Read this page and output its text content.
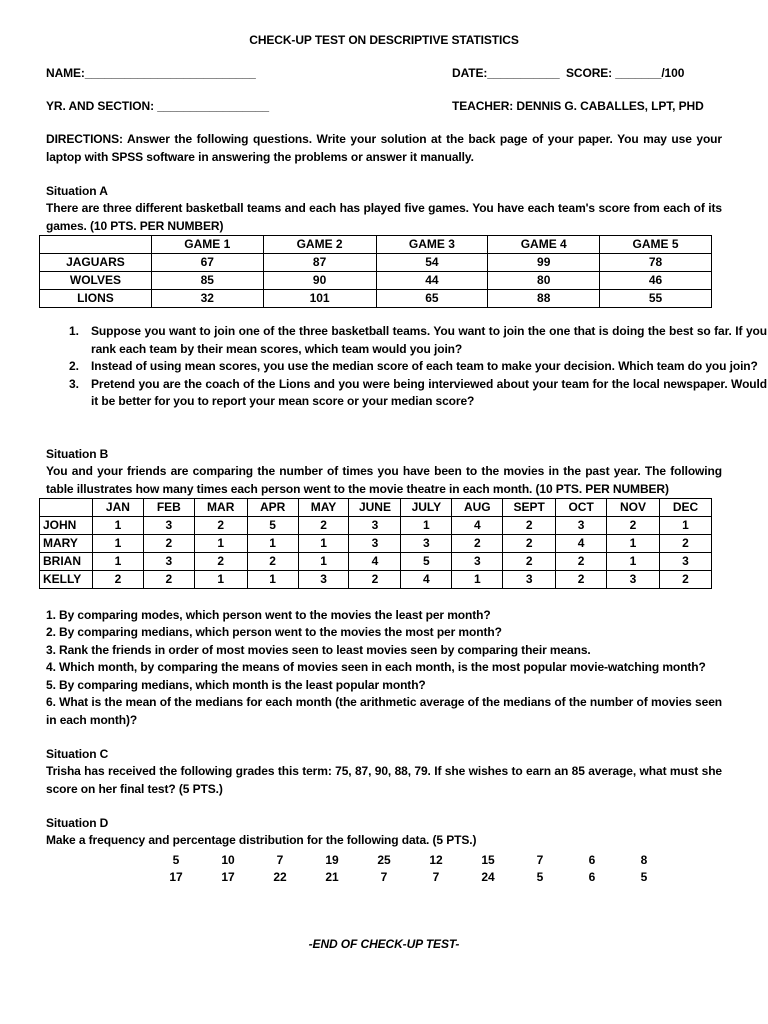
CHECK-UP TEST ON DESCRIPTIVE STATISTICS
NAME:__________________________	DATE:___________ SCORE: _______/100
YR. AND SECTION: _________________	TEACHER: DENNIS G. CABALLES, LPT, PHD
DIRECTIONS: Answer the following questions. Write your solution at the back page of your paper. You may use your laptop with SPSS software in answering the problems or answer it manually.
Situation A
There are three different basketball teams and each has played five games. You have each team's score from each of its games. (10 PTS. PER NUMBER)
	GAME 1	GAME 2	GAME 3	GAME 4	GAME 5
JAGUARS	67	87	54	99	78
WOLVES	85	90	44	80	46
LIONS	32	101	65	88	55
1. Suppose you want to join one of the three basketball teams. You want to join the one that is doing the best so far. If you rank each team by their mean scores, which team would you join?
2. Instead of using mean scores, you use the median score of each team to make your decision. Which team do you join?
3. Pretend you are the coach of the Lions and you were being interviewed about your team for the local newspaper. Would it be better for you to report your mean score or your median score?
Situation B
You and your friends are comparing the number of times you have been to the movies in the past year. The following table illustrates how many times each person went to the movie theatre in each month. (10 PTS. PER NUMBER)
	JAN	FEB	MAR	APR	MAY	JUNE	JULY	AUG	SEPT	OCT	NOV	DEC
JOHN	1	3	2	5	2	3	1	4	2	3	2	1
MARY	1	2	1	1	1	3	3	2	2	4	1	2
BRIAN	1	3	2	2	1	4	5	3	2	2	1	3
KELLY	2	2	1	1	3	2	4	1	3	2	3	2
1. By comparing modes, which person went to the movies the least per month?
2. By comparing medians, which person went to the movies the most per month?
3. Rank the friends in order of most movies seen to least movies seen by comparing their means.
4. Which month, by comparing the means of movies seen in each month, is the most popular movie-watching month?
5. By comparing medians, which month is the least popular month?
6. What is the mean of the medians for each month (the arithmetic average of the medians of the number of movies seen in each month)?
Situation C
Trisha has received the following grades this term: 75, 87, 90, 88, 79. If she wishes to earn an 85 average, what must she score on her final test? (5 PTS.)
Situation D
Make a frequency and percentage distribution for the following data. (5 PTS.)
5	10	7	19	25	12	15	7	6	8
17	17	22	21	7	7	24	5	6	5
-END OF CHECK-UP TEST-
